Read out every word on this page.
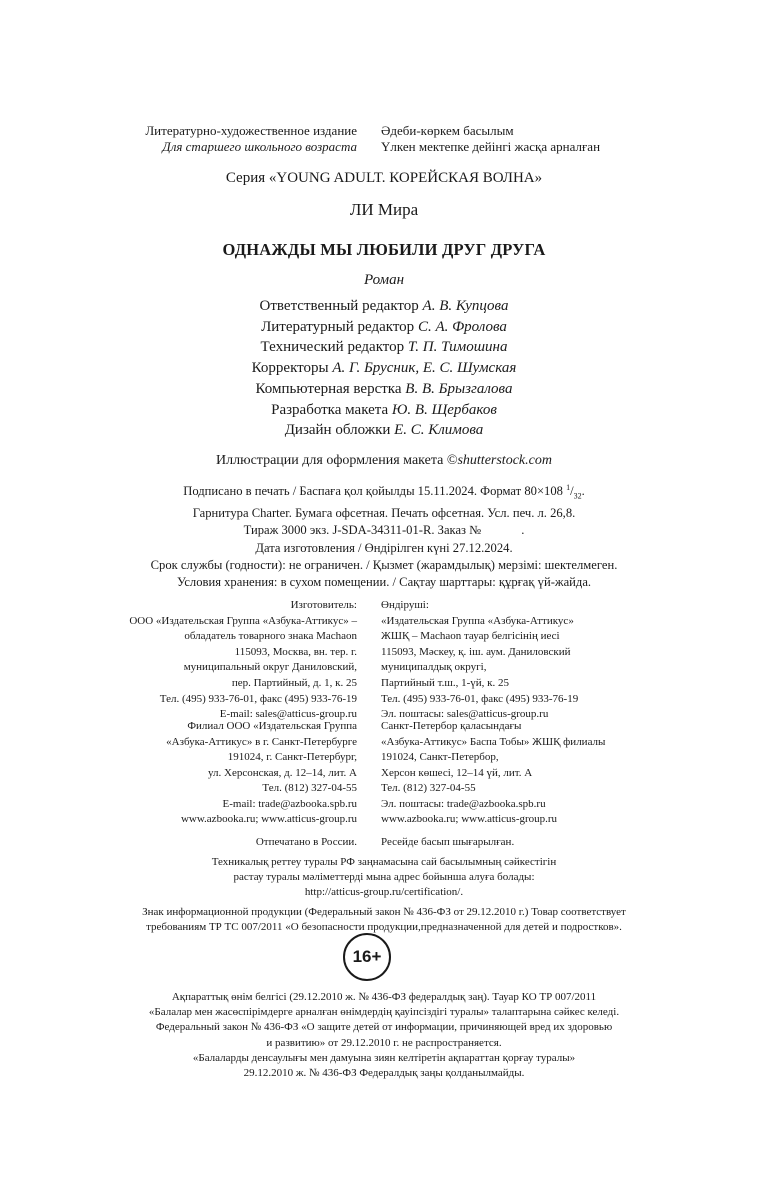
Литературно-художественное издание
Для старшего школьного возраста
Әдеби-көркем басылым
Үлкен мектепке дейінгі жасқа арналған
Серия «YOUNG ADULT. КОРЕЙСКАЯ ВОЛНА»
ЛИ Мира
ОДНАЖДЫ МЫ ЛЮБИЛИ ДРУГ ДРУГА
Роман
Ответственный редактор А. В. Купцова
Литературный редактор С. А. Фролова
Технический редактор Т. П. Тимошина
Корректоры А. Г. Брусник, Е. С. Шумская
Компьютерная верстка В. В. Брызгалова
Разработка макета Ю. В. Щербаков
Дизайн обложки Е. С. Климова
Иллюстрации для оформления макета ©shutterstock.com
Подписано в печать / Баспаға қол қойылды 15.11.2024. Формат 80×108 $^1/_{32}$.
Гарнитура Charter. Бумага офсетная. Печать офсетная. Усл. печ. л. 26,8.
Тираж 3000 экз. J-SDA-34311-01-R. Заказ №	.
Дата изготовления / Өндірілген күні 27.12.2024.
Срок службы (годности): не ограничен. / Қызмет (жарамдылық) мерзімі: шектелмеген.
Условия хранения: в сухом помещении. / Сақтау шарттары: құрғақ үй-жайда.
Изготовитель:
ООО «Издательская Группа «Азбука-Аттикус» –
обладатель товарного знака Machaon
115093, Москва, вн. тер. г.
муниципальный округ Даниловский,
пер. Партийный, д. 1, к. 25
Тел. (495) 933-76-01, факс (495) 933-76-19
E-mail: sales@atticus-group.ru
Өндіруші:
«Издательская Группа «Азбука-Аттикус»
ЖШҚ – Machaon тауар белгісінің иесі
115093, Мәскеу, қ. іш. аум. Даниловский
муниципалдық округі,
Партийный т.ш., 1-үй, к. 25
Тел. (495) 933-76-01, факс (495) 933-76-19
Эл. поштасы: sales@atticus-group.ru
Филиал ООО «Издательская Группа
«Азбука-Аттикус» в г. Санкт-Петербурге
191024, г. Санкт-Петербург,
ул. Херсонская, д. 12–14, лит. А
Тел. (812) 327-04-55
E-mail: trade@azbooka.spb.ru
Санкт-Петербор қаласындағы
«Азбука-Аттикус» Баспа Тобы» ЖШҚ филиалы
191024, Санкт-Петербор,
Херсон көшесі, 12–14 үй, лит. А
Тел. (812) 327-04-55
Эл. поштасы: trade@azbooka.spb.ru
www.azbooka.ru; www.atticus-group.ru www.azbooka.ru; www.atticus-group.ru
Отпечатано в России. Ресейде басып шығарылған.
Техникалық реттеу туралы РФ заңнамасына сай басылымның сәйкестігін
растау туралы мәліметтерді мына адрес бойынша алуға болады:
http://atticus-group.ru/certification/.
Знак информационной продукции (Федеральный закон № 436-ФЗ от 29.12.2010 г.) Товар соответствует
требованиям ТР ТС 007/2011 «О безопасности продукции,предназначенной для детей и подростков».
16+
Ақпараттық өнім белгісі (29.12.2010 ж. № 436-ФЗ федералдық заң). Тауар КО ТР 007/2011
«Балалар мен жасөспірімдерге арналған өнімдердің қауіпсіздігі туралы» талаптарына сәйкес келеді.
Федеральный закон № 436-ФЗ «О защите детей от информации, причиняющей вред их здоровью
и развитию» от 29.12.2010 г. не распространяется.
«Балаларды денсаулығы мен дамуына зиян келтіретін ақпараттан қорғау туралы»
29.12.2010 ж. № 436-ФЗ Федералдық заңы қолданылмайды.
